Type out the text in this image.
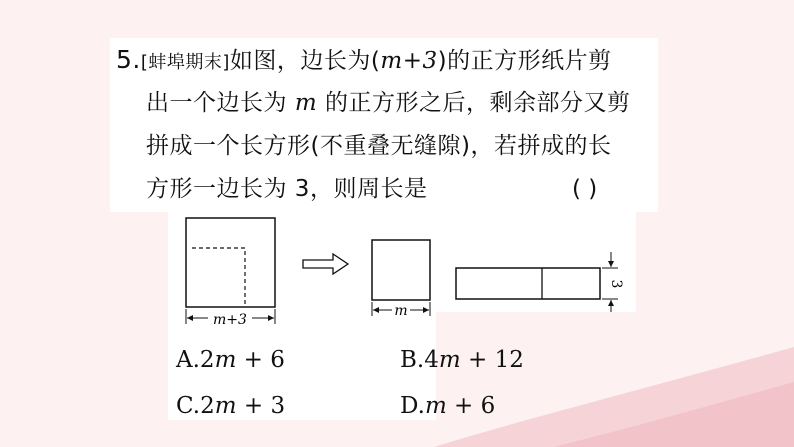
5.[蚌埠期末]如图，边长为(m+3)的正方形纸片剪
出一个边长为 m 的正方形之后，剩余部分又剪
拼成一个长方形(不重叠无缝隙)，若拼成的长
方形一边长为 3，则周长是	( )
m+3
m
3
A.2m + 6	B.4m + 12
C.2m + 3	D.m + 6
